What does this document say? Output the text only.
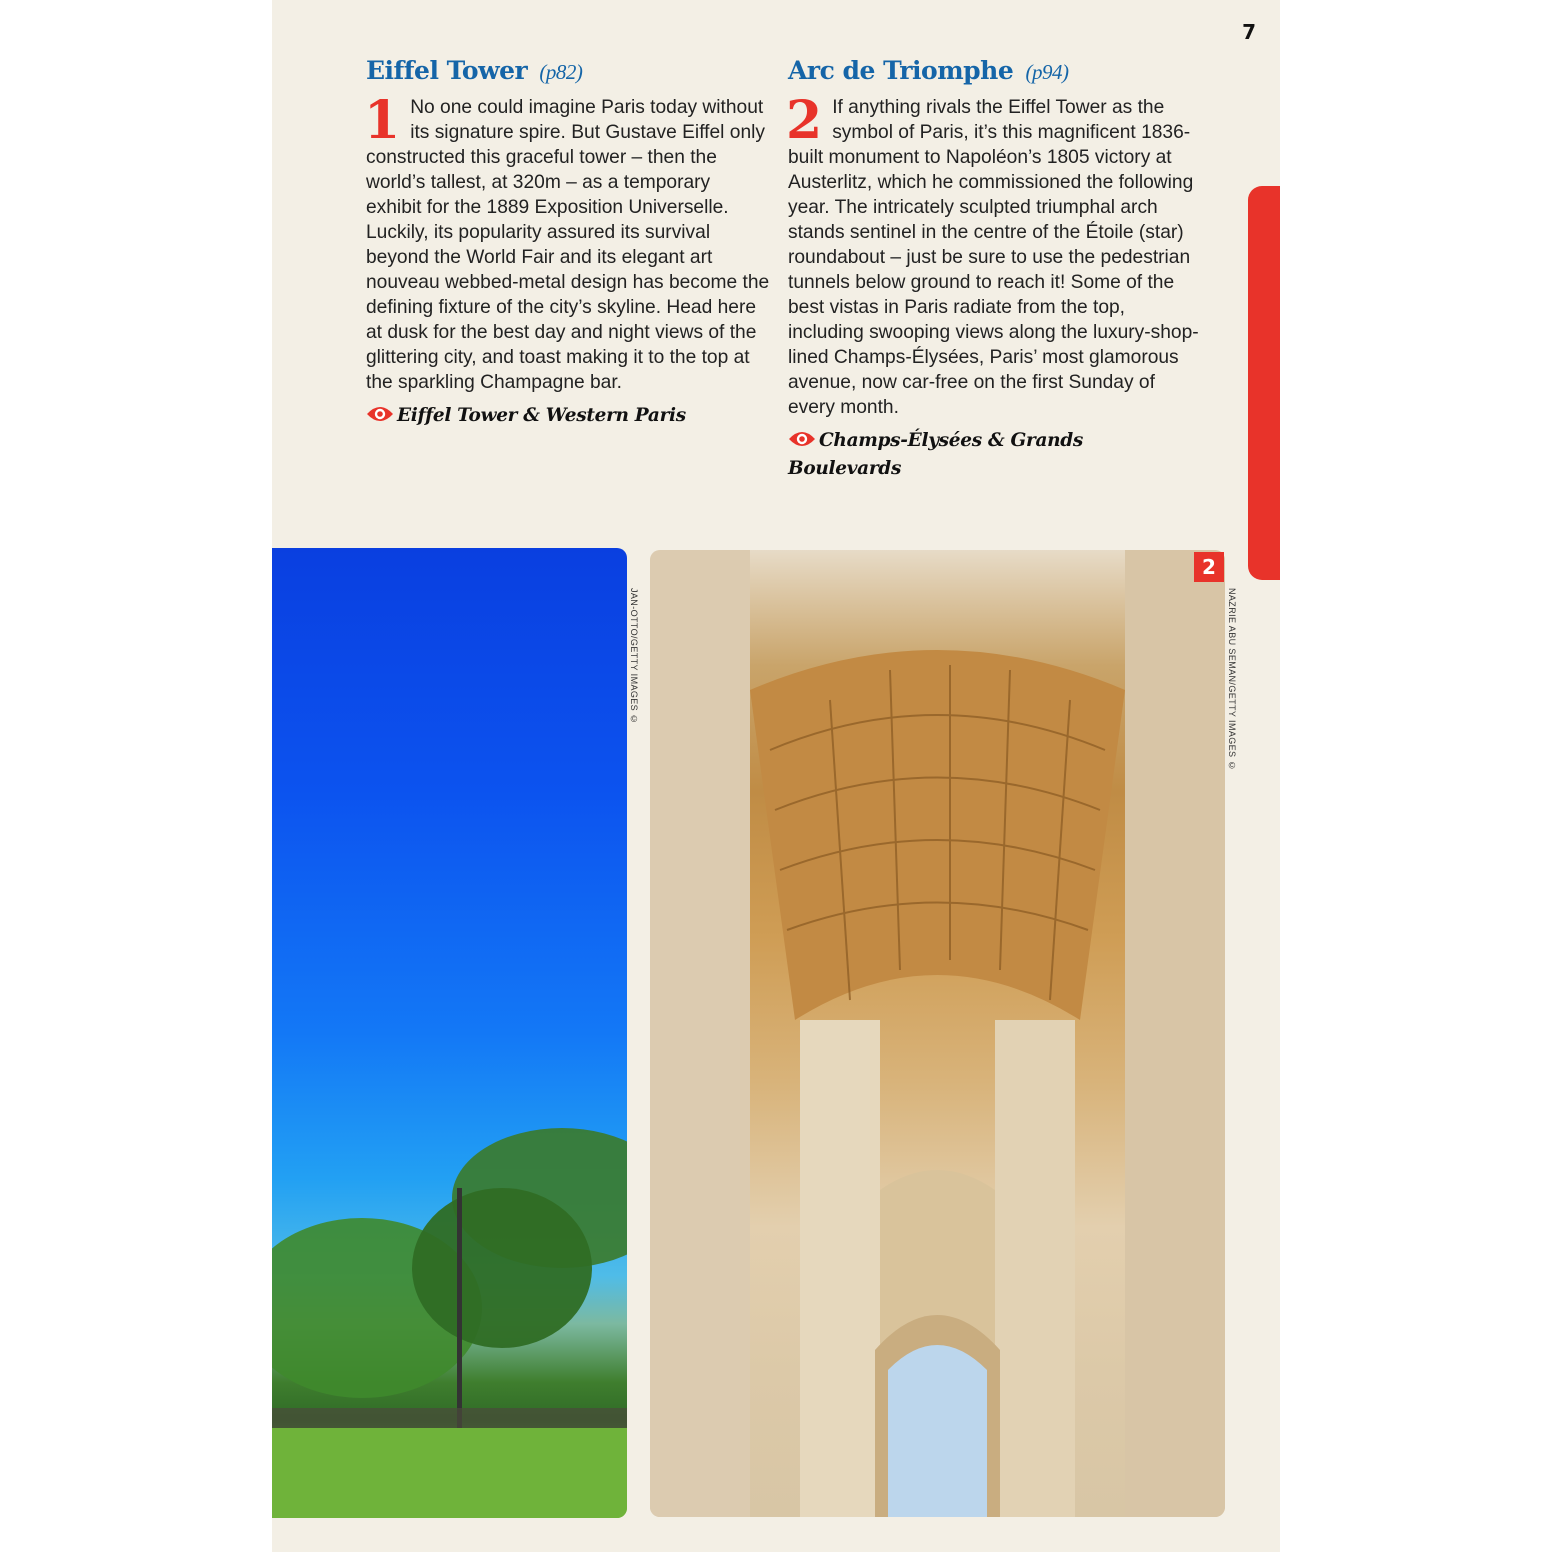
7
Eiffel Tower (p82)

1 No one could imagine Paris today without its signature spire. But Gustave Eiffel only constructed this graceful tower – then the world’s tallest, at 320m – as a temporary exhibit for the 1889 Exposition Universelle. Luckily, its popularity assured its survival beyond the World Fair and its elegant art nouveau webbed-metal design has become the defining fixture of the city’s skyline. Head here at dusk for the best day and night views of the glittering city, and toast making it to the top at the sparkling Champagne bar.

Eiffel Tower & Western Paris
Arc de Triomphe (p94)

2 If anything rivals the Eiffel Tower as the symbol of Paris, it’s this magnificent 1836-built monument to Napoléon’s 1805 victory at Austerlitz, which he commissioned the following year. The intricately sculpted triumphal arch stands sentinel in the centre of the Étoile (star) roundabout – just be sure to use the pedestrian tunnels below ground to reach it! Some of the best vistas in Paris radiate from the top, including swooping views along the luxury-shop-lined Champs-Élysées, Paris’ most glamorous avenue, now car-free on the first Sunday of every month.

Champs-Élysées & Grands Boulevards
JAN-OTTO/GETTY IMAGES ©	NAZRIE ABU SEMAN/GETTY IMAGES ©
2
